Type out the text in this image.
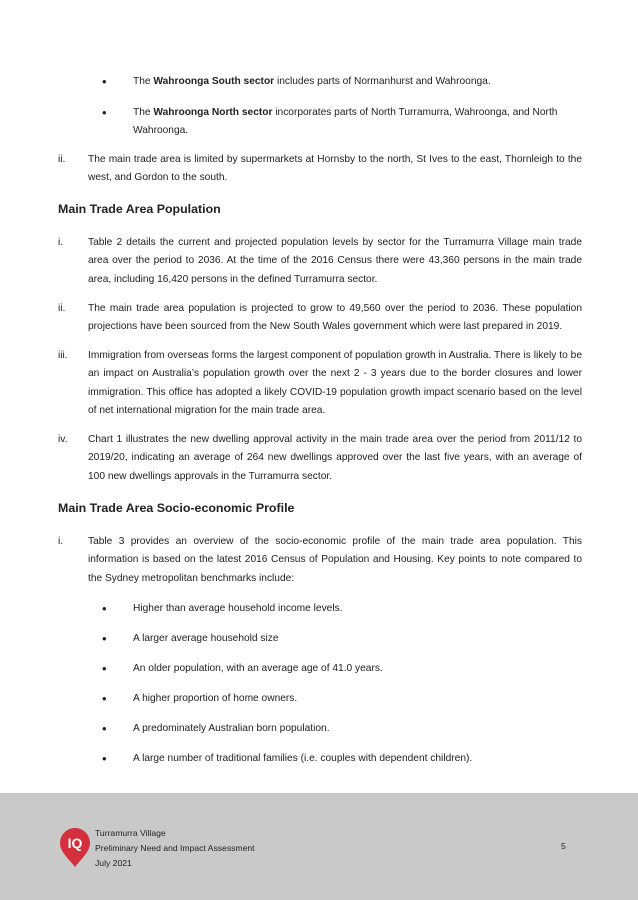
•
The Wahroonga South sector includes parts of Normanhurst and Wahroonga.
•
The Wahroonga North sector incorporates parts of North Turramurra, Wahroonga, and North Wahroonga.
ii.	The main trade area is limited by supermarkets at Hornsby to the north, St Ives to the east, Thornleigh to the west, and Gordon to the south.
Main Trade Area Population
i.	Table 2 details the current and projected population levels by sector for the Turramurra Village main trade area over the period to 2036. At the time of the 2016 Census there were 43,360 persons in the main trade area, including 16,420 persons in the defined Turramurra sector.
ii.	The main trade area population is projected to grow to 49,560 over the period to 2036. These population projections have been sourced from the New South Wales government which were last prepared in 2019.
iii.	Immigration from overseas forms the largest component of population growth in Australia. There is likely to be an impact on Australia’s population growth over the next 2 - 3 years due to the border closures and lower immigration. This office has adopted a likely COVID-19 population growth impact scenario based on the level of net international migration for the main trade area.
iv.	Chart 1 illustrates the new dwelling approval activity in the main trade area over the period from 2011/12 to 2019/20, indicating an average of 264 new dwellings approved over the last five years, with an average of 100 new dwellings approvals in the Turramurra sector.
Main Trade Area Socio-economic Profile
i.	Table 3 provides an overview of the socio-economic profile of the main trade area population. This information is based on the latest 2016 Census of Population and Housing. Key points to note compared to the Sydney metropolitan benchmarks include:
•
Higher than average household income levels.
•
A larger average household size
•
An older population, with an average age of 41.0 years.
•
A higher proportion of home owners.
•
A predominately Australian born population.
•
A large number of traditional families (i.e. couples with dependent children).
IQ
Turramurra Village
Preliminary Need and Impact Assessment
July 2021
5
